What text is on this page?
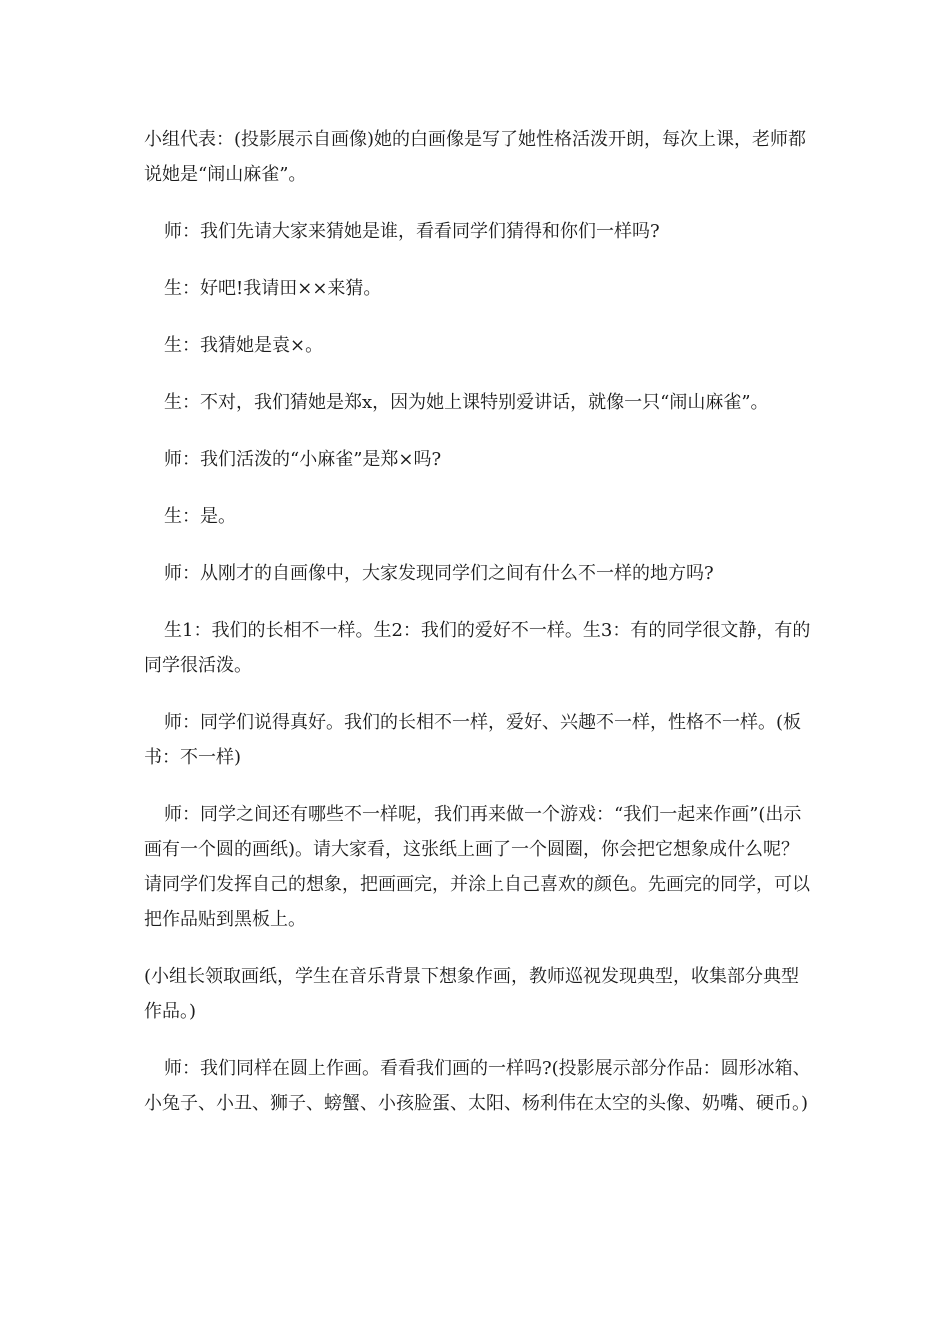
小组代表：(投影展示自画像)她的白画像是写了她性格活泼开朗，每次上课，老师都说她是“闹山麻雀”。

师：我们先请大家来猜她是谁，看看同学们猜得和你们一样吗?

生：好吧!我请田××来猜。

生：我猜她是袁×。

生：不对，我们猜她是郑x，因为她上课特别爱讲话，就像一只“闹山麻雀”。

师：我们活泼的“小麻雀”是郑×吗?

生：是。

师：从刚才的自画像中，大家发现同学们之间有什么不一样的地方吗?

生1：我们的长相不一样。生2：我们的爱好不一样。生3：有的同学很文静，有的同学很活泼。

师：同学们说得真好。我们的长相不一样，爱好、兴趣不一样，性格不一样。(板书：不一样)

师：同学之间还有哪些不一样呢，我们再来做一个游戏：“我们一起来作画”(出示画有一个圆的画纸)。请大家看，这张纸上画了一个圆圈，你会把它想象成什么呢？请同学们发挥自己的想象，把画画完，并涂上自己喜欢的颜色。先画完的同学，可以把作品贴到黑板上。

(小组长领取画纸，学生在音乐背景下想象作画，教师巡视发现典型，收集部分典型作品。)

师：我们同样在圆上作画。看看我们画的一样吗?(投影展示部分作品：圆形冰箱、小兔子、小丑、狮子、螃蟹、小孩脸蛋、太阳、杨利伟在太空的头像、奶嘴、硬币。)
